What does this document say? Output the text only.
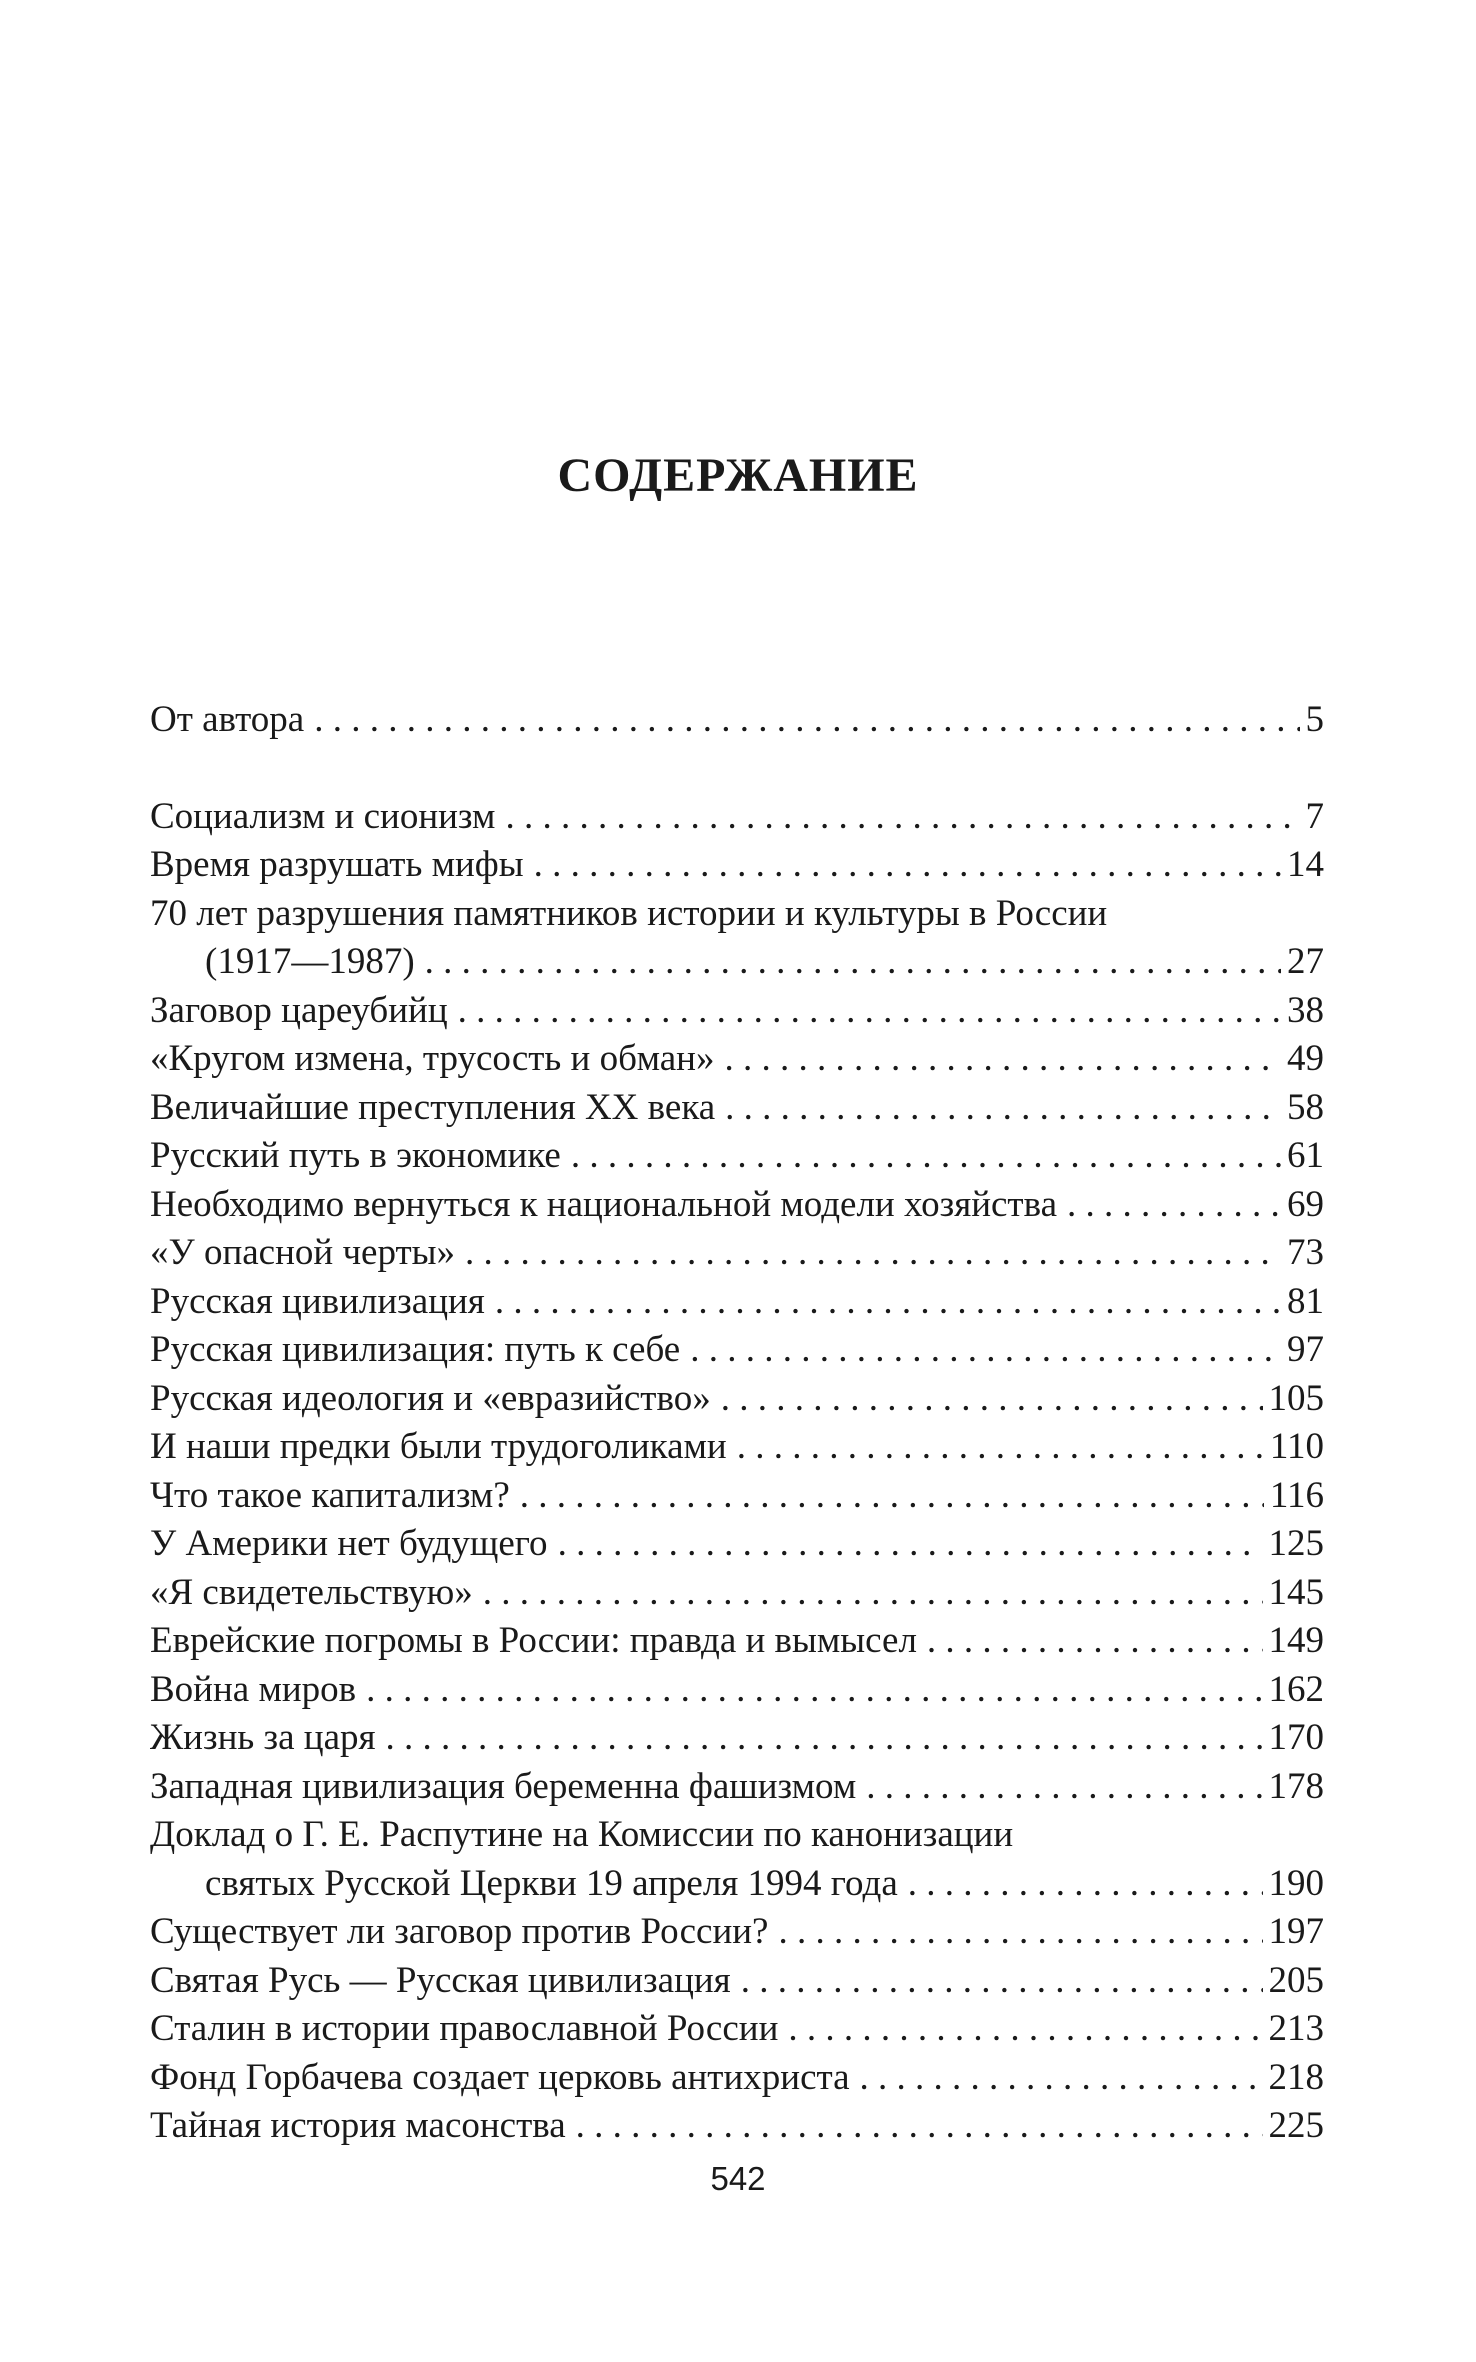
СОДЕРЖАНИЕ
От автора . . .	5
Социализм и сионизм . . .	7
Время разрушать мифы . . .	14
70 лет разрушения памятников истории и культуры в России
(1917—1987) . . .	27
Заговор цареубийц . . .	38
«Кругом измена, трусость и обман» . . .	49
Величайшие преступления XX века . . .	58
Русский путь в экономике . . .	61
Необходимо вернуться к национальной модели хозяйства . . .	69
«У опасной черты» . . .	73
Русская цивилизация . . .	81
Русская цивилизация: путь к себе . . .	97
Русская идеология и «евразийство» . . .	105
И наши предки были трудоголиками . . .	110
Что такое капитализм? . . .	116
У Америки нет будущего . . .	125
«Я свидетельствую» . . .	145
Еврейские погромы в России: правда и вымысел . . .	149
Война миров . . .	162
Жизнь за царя . . .	170
Западная цивилизация беременна фашизмом . . .	178
Доклад о Г. Е. Распутине на Комиссии по канонизации
святых Русской Церкви 19 апреля 1994 года . . .	190
Существует ли заговор против России? . . .	197
Святая Русь — Русская цивилизация . . .	205
Сталин в истории православной России . . .	213
Фонд Горбачева создает церковь антихриста . . .	218
Тайная история масонства . . .	225
542
